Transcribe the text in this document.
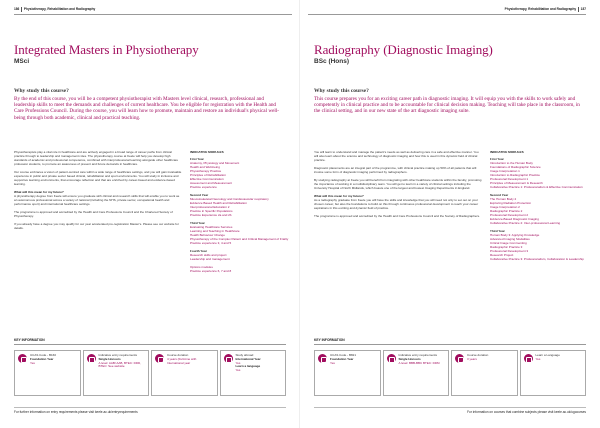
186 Physiotherapy, Rehabilitation and Radiography
Integrated Masters in Physiotherapy
MSci
Why study this course?
By the end of this course, you will be a competent physiotherapist with Masters level clinical, research, professional and leadership skills to meet the demands and challenges of current healthcare. You be eligible for registration with the Health and Care Professions Council. During the course, you will learn how to promote, maintain and restore an individual's physical well-being through both academic, clinical and practical teaching.

Physiotherapists play a vital role in healthcare and are actively engaged in a broad range of career paths from clinical practice through to leadership and management roles. The physiotherapy course at Keele will help you develop high standards of academic and professional competence, combined with interprofessional learning alongside other healthcare profession students, to promote an awareness of present and future demands in healthcare.

Our course embraces a vision of patient-centred care within a wide range of healthcare settings, and you will gain invaluable experience in public and private sector based clinical, rehabilitation and sport environments. You will study in inclusive and supportive learning environments, that encourage reflection and that are enriched by career-based and evidence-based learning.

What will this mean for my future?

A physiotherapy degree from Keele will ensure you graduate with clinical and research skills that will enable you to work as an autonomous professional across a variety of national (including the NHS, private sector, occupational health and performance sport) and international healthcare settings.

The programme is approved and accredited by the Health and Care Professions Council and the Chartered Society of Physiotherapy.

If you already have a degree you may qualify for our year accelerated pre-registration Master's. Please see our website for details.

INDICATIVE MODULES
First Year
Anatomy, Physiology and Movement
Health and Well-being
Physiotherapy Practice
Principles of Rehabilitation
Effective Communication
Assessment and Measurement
Practice experience
Second Year
Musculoskeletal Neurology and Cardiovascular respiratory
Evidence Based Health and Rehabilitation
Interprofessional Education 2
Practice in Specific Populations
Practice Experience 2a and 2b
Third Year
Evaluating Healthcare Services
Learning and Teaching in Healthcare
Health Behaviour Change
Physiotherapy of the Complex Patient and Critical Management of Frailty
Practice experience 3, 4 and 5
Fourth Year
Research skills and project
Leadership and management
Options modules
Practice experience 6, 7 and 8
KEY INFORMATION
UCAS Code - B160
Foundation Year
Yes
Indicative entry requirements
Single Honours
A level: AAB/ AAB, BTEC: DDD, BTEC: See website
Course duration
4 years (Full-time with International year
Study abroad
International Year
Yes
Learn a language
Yes
For further information on entry requirements please visit keele.ac.uk/entryrequirements
Physiotherapy, Rehabilitation and Radiography 187
Radiography (Diagnostic Imaging)
BSc (Hons)
Why study this course?
This course prepares you for an exciting career path in diagnostic imaging. It will equip you with the skills to work safely and competently in clinical practice and to be accountable for clinical decision making. Teaching will take place in the classroom, in the clinical setting, and in our new state of the art diagnostic imaging suite.

You will learn to understand and manage the patient's needs as well as delivering care in a safe and effective manner. You will also learn about the science and technology of diagnostic imaging and how this is used in this dynamic field of clinical practice.

Diagnostic placements are an integral part of the programme, with clinical practice making up 50% of all patients that will involve some form of diagnostic imaging performed by radiographers.

By studying radiography at Keele you will benefit from integrating with other healthcare students within the faculty, promoting the importance of working in a multidisciplinary team. You will get to learn in a variety of clinical settings including the University Hospital of North Midlands, which boasts one of the largest and busiest Imaging Departments in England.

What will this mean for my future?

As a radiography graduate from Keele you will have the skills and knowledge that you will need not only to set out on your chosen career, but also the foundations to build on this through continuous professional development to reach your career aspirations in this exciting and dynamic field of practice.

The programme is approved and accredited by the Health and Care Professions Council and the Society of Radiographers.

INDICATIVE MODULES
First Year
Introduction to the Human Body
Foundations of Radiographic Science
Image Interpretation 1
Introduction to Radiographic Practice
Professional Development 1
Principles of Measurement & Research
Collaborative Practice 1: Professionalism & Effective Communication
Second Year
The Human Body 2
Exploring Radiation Protection
Image Interpretation 2
Radiographic Practice 2
Professional Development 2
Evidence-Based Diagnostic Imaging
Collaborative Practice 2: Inter-professional Learning
Third Year
Human Body 3: Applying Knowledge
Advanced Imaging Modalities
Critical Image Commenting
Radiographic Practice 3
Professional Development 3
Research Project
Collaborative Practice 3: Professionalism, Collaboration & Leadership
KEY INFORMATION
UCAS Code - B821
Foundation Year
Yes
Indicative entry requirements
Single Honours
A level: BBB-BBC BTEC: DDM
Course duration
3 years
Learn a Language
Yes
For information on courses that combine subjects please visit keele.ac.uk/ugcourses
